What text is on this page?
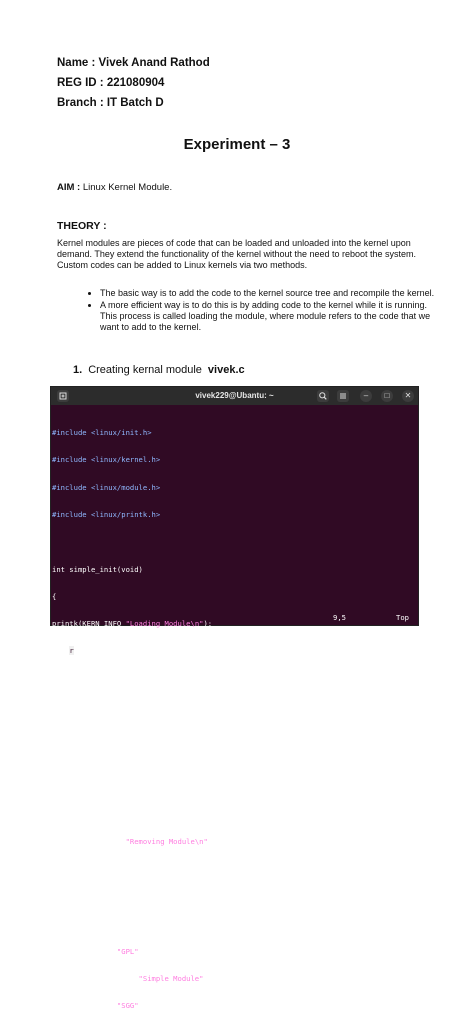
Name : Vivek Anand Rathod
REG ID : 221080904
Branch : IT Batch D
Experiment – 3
AIM : Linux Kernel Module.
THEORY :
Kernel modules are pieces of code that can be loaded and unloaded into the kernel upon demand. They extend the functionality of the kernel without the need to reboot the system.
Custom codes can be added to Linux kernels via two methods.
• The basic way is to add the code to the kernel source tree and recompile the kernel.
• A more efficient way is to do this is by adding code to the kernel while it is running. This process is called loading the module, where module refers to the code that we want to add to the kernel.
1. Creating kernal module vivek.c
vivek229@Ubantu: ~	–	□	✕

#include <linux/init.h>

#include <linux/kernel.h>

#include <linux/module.h>

#include <linux/printk.h>

int simple_init(void)

{

printk(KERN_INFO "Loading Module\n");

return 0;

}

void simple_exit(void)

{

printk(KERN_INFO "Removing Module\n");

}

module init(simple_init);

module exit(simple_ exit);

MODULE_LICENSE("GPL");

MODULE_ DESCRIPTION("Simple Module");

MODULE_ AUTHOR("SGG");

9,5	Top
